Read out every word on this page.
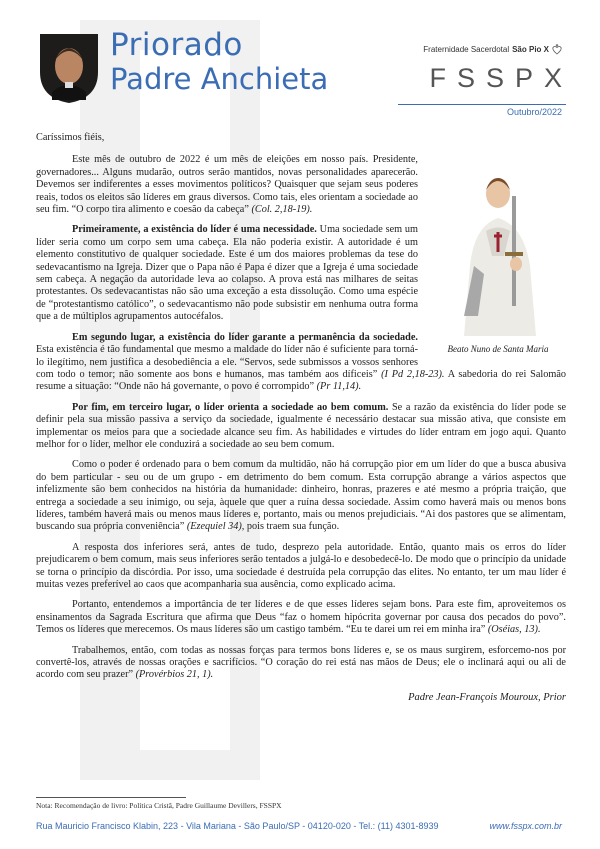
Priorado
Padre Anchieta
Fraternidade Sacerdotal São Pio X
FSSPX
Outubro/2022

Caríssimos fiéis,

Beato Nuno de Santa Maria

Este mês de outubro de 2022 é um mês de eleições em nosso país. Presidente, governadores... Alguns mudarão, outros serão mantidos, novas personalidades aparecerão. Devemos ser indiferentes a esses movimentos políticos? Quaisquer que sejam seus poderes reais, todos os eleitos são líderes em graus diversos. Como tais, eles orientam a sociedade ao seu fim. “O corpo tira alimento e coesão da cabeça” (Col. 2,18-19).

Primeiramente, a existência do líder é uma necessidade. Uma sociedade sem um líder seria como um corpo sem uma cabeça. Ela não poderia existir. A autoridade é um elemento constitutivo de qualquer sociedade. Este é um dos maiores problemas da tese do sedevacantismo na Igreja. Dizer que o Papa não é Papa é dizer que a Igreja é uma sociedade sem cabeça. A negação da autoridade leva ao colapso. A prova está nas milhares de seitas protestantes. Os sedevacantistas não são uma exceção a esta dissolução. Como uma espécie de “protestantismo católico”, o sedevacantismo não pode subsistir em nenhuma outra forma que a de múltiplos agrupamentos autocéfalos.

Em segundo lugar, a existência do líder garante a permanência da sociedade. Esta existência é tão fundamental que mesmo a maldade do líder não é suficiente para torná-lo ilegítimo, nem justifica a desobediência a ele. “Servos, sede submissos a vossos senhores com todo o temor; não somente aos bons e humanos, mas também aos díficeis” (I Pd 2,18-23). A sabedoria do rei Salomão resume a situação: “Onde não há governante, o povo é corrompido” (Pr 11,14).

Por fim, em terceiro lugar, o líder orienta a sociedade ao bem comum. Se a razão da existência do líder pode se definir pela sua missão passiva a serviço da sociedade, igualmente é necessário destacar sua missão ativa, que consiste em implementar os meios para que a sociedade alcance seu fim. As habilidades e virtudes do líder entram em jogo aqui. Quanto melhor for o líder, melhor ele conduzirá a sociedade ao seu bem comum.

Como o poder é ordenado para o bem comum da multidão, não há corrupção pior em um líder do que a busca abusiva do bem particular - seu ou de um grupo - em detrimento do bem comum. Esta corrupção abrange a vários aspectos que infelizmente são bem conhecidos na história da humanidade: dinheiro, honras, prazeres e até mesmo a própria traição, que entrega a sociedade a seu inimigo, ou seja, àquele que quer a ruína dessa sociedade. Assim como haverá mais ou menos bons líderes, também haverá mais ou menos maus líderes e, portanto, mais ou menos prejudiciais. “Ai dos pastores que se alimentam, buscando sua própria conveniência” (Ezequiel 34), pois traem sua função.

A resposta dos inferiores será, antes de tudo, desprezo pela autoridade. Então, quanto mais os erros do líder prejudicarem o bem comum, mais seus inferiores serão tentados a julgá-lo e desobedecê-lo. De modo que o princípio da unidade se torna o princípio da discórdia. Por isso, uma sociedade é destruída pela corrupção das elites. No entanto, ter um mau líder é muitas vezes preferível ao caos que acompanharia sua ausência, como explicado acima.

Portanto, entendemos a importância de ter líderes e de que esses líderes sejam bons. Para este fim, aproveitemos os ensinamentos da Sagrada Escritura que afirma que Deus “faz o homem hipócrita governar por causa dos pecados do povo”. Temos os líderes que merecemos. Os maus líderes são um castigo também. “Eu te darei um rei em minha ira” (Oséias, 13).

Trabalhemos, então, com todas as nossas forças para termos bons líderes e, se os maus surgirem, esforcemo-nos por convertê-los, através de nossas orações e sacrifícios. “O coração do rei está nas mãos de Deus; ele o inclinará aqui ou ali de acordo com seu prazer” (Provérbios 21, 1).

Padre Jean-François Mouroux, Prior
Nota: Recomendação de livro: Política Cristã, Padre Guillaume Devillers, FSSPX
Rua Mauricio Francisco Klabin, 223 - Vila Mariana - São Paulo/SP - 04120-020 - Tel.: (11) 4301-8939	www.fsspx.com.br
